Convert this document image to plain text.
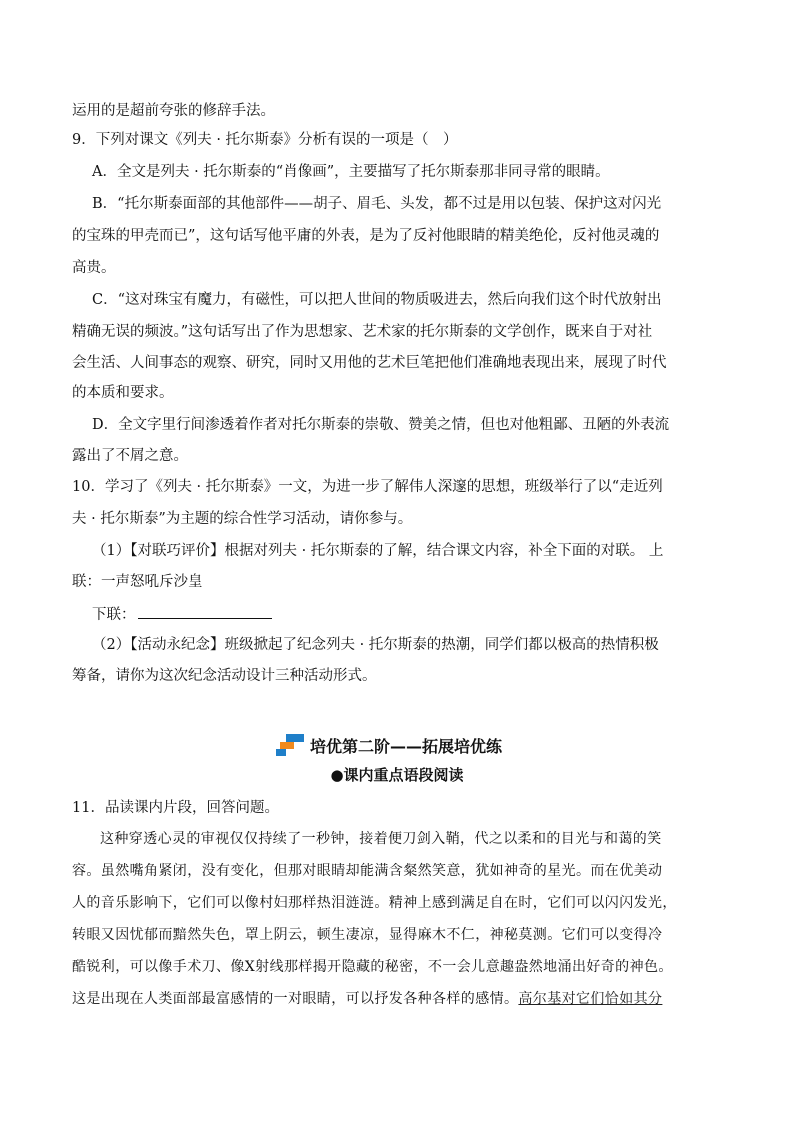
运用的是超前夸张的修辞手法。
9．下列对课文《列夫 · 托尔斯泰》分析有误的一项是（　）
A．全文是列夫 · 托尔斯泰的“肖像画”，主要描写了托尔斯泰那非同寻常的眼睛。
B．“托尔斯泰面部的其他部件——胡子、眉毛、头发，都不过是用以包装、保护这对闪光
的宝珠的甲壳而已”，这句话写他平庸的外表，是为了反衬他眼睛的精美绝伦，反衬他灵魂的
高贵。
C．“这对珠宝有魔力，有磁性，可以把人世间的物质吸进去，然后向我们这个时代放射出
精确无误的频波。”这句话写出了作为思想家、艺术家的托尔斯泰的文学创作，既来自于对社
会生活、人间事态的观察、研究，同时又用他的艺术巨笔把他们准确地表现出来，展现了时代
的本质和要求。
D．全文字里行间渗透着作者对托尔斯泰的崇敬、赞美之情，但也对他粗鄙、丑陋的外表流
露出了不屑之意。
10．学习了《列夫 · 托尔斯泰》一文，为进一步了解伟人深邃的思想，班级举行了以“走近列
夫 · 托尔斯泰”为主题的综合性学习活动，请你参与。
（1）【对联巧评价】根据对列夫 · 托尔斯泰的了解，结合课文内容，补全下面的对联。 上
联：一声怒吼斥沙皇
下联：
（2）【活动永纪念】班级掀起了纪念列夫 · 托尔斯泰的热潮，同学们都以极高的热情积极
筹备，请你为这次纪念活动设计三种活动形式。
培优第二阶——拓展培优练
●课内重点语段阅读
11．品读课内片段，回答问题。
这种穿透心灵的审视仅仅持续了一秒钟，接着便刀剑入鞘，代之以柔和的目光与和蔼的笑
容。虽然嘴角紧闭，没有变化，但那对眼睛却能满含粲然笑意，犹如神奇的星光。而在优美动
人的音乐影响下，它们可以像村妇那样热泪涟涟。精神上感到满足自在时，它们可以闪闪发光，
转眼又因忧郁而黯然失色，罩上阴云，顿生凄凉，显得麻木不仁，神秘莫测。它们可以变得冷
酷锐利，可以像手术刀、像X射线那样揭开隐藏的秘密，不一会儿意趣盎然地涌出好奇的神色。
这是出现在人类面部最富感情的一对眼睛，可以抒发各种各样的感情。高尔基对它们恰如其分
